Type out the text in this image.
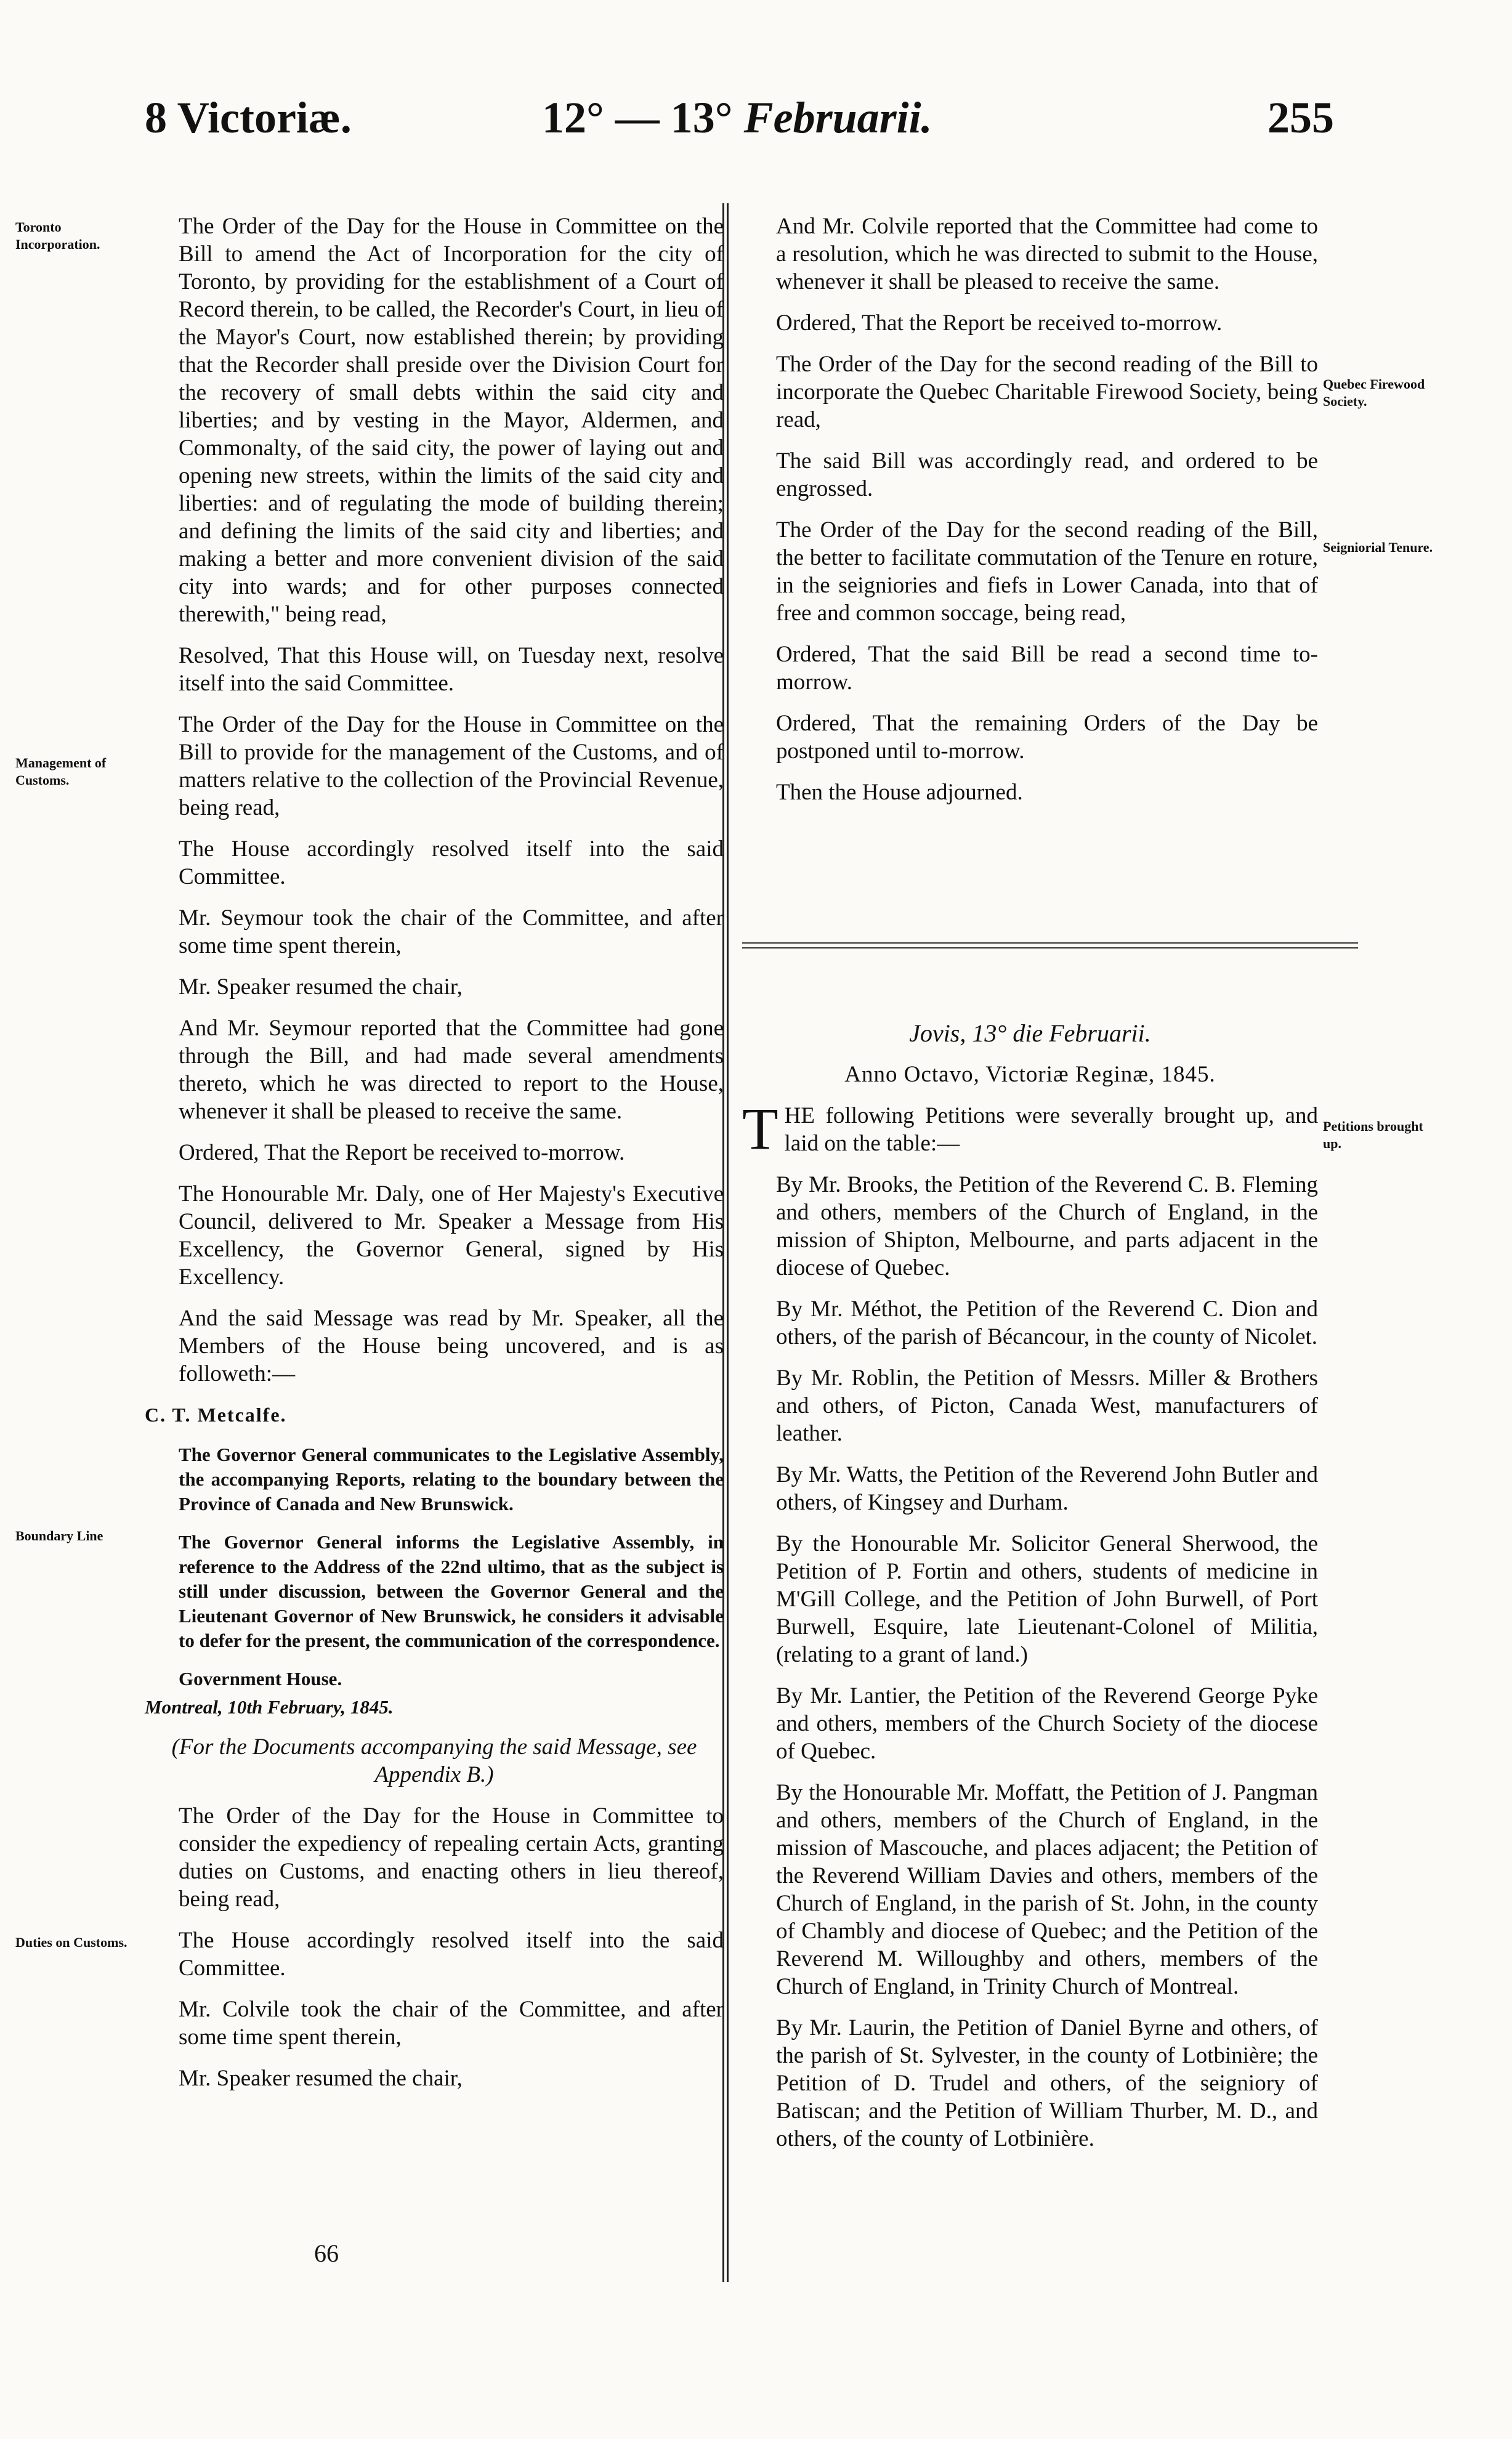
8 Victoriæ.	12° — 13° Februarii.	255
Toronto Incorporation.
Management of Customs.
Boundary Line
Duties on Customs.
Quebec Firewood Society.
Seigniorial Tenure.
Petitions brought up.

The Order of the Day for the House in Committee on the Bill to amend the Act of Incorporation for the city of Toronto, by providing for the establishment of a Court of Record therein, to be called, the Recorder's Court, in lieu of the Mayor's Court, now established therein; by providing that the Recorder shall preside over the Division Court for the recovery of small debts within the said city and liberties; and by vesting in the Mayor, Aldermen, and Commonalty, of the said city, the power of laying out and opening new streets, within the limits of the said city and liberties: and of regulating the mode of building therein; and defining the limits of the said city and liberties; and making a better and more convenient division of the said city into wards; and for other purposes connected therewith," being read,

Resolved, That this House will, on Tuesday next, resolve itself into the said Committee.

The Order of the Day for the House in Committee on the Bill to provide for the management of the Customs, and of matters relative to the collection of the Provincial Revenue, being read,

The House accordingly resolved itself into the said Committee.

Mr. Seymour took the chair of the Committee, and after some time spent therein,

Mr. Speaker resumed the chair,

And Mr. Seymour reported that the Committee had gone through the Bill, and had made several amendments thereto, which he was directed to report to the House, whenever it shall be pleased to receive the same.

Ordered, That the Report be received to-morrow.

The Honourable Mr. Daly, one of Her Majesty's Executive Council, delivered to Mr. Speaker a Message from His Excellency, the Governor General, signed by His Excellency.

And the said Message was read by Mr. Speaker, all the Members of the House being uncovered, and is as followeth:—

C. T. Metcalfe.

The Governor General communicates to the Legislative Assembly, the accompanying Reports, relating to the boundary between the Province of Canada and New Brunswick.

The Governor General informs the Legislative Assembly, in reference to the Address of the 22nd ultimo, that as the subject is still under discussion, between the Governor General and the Lieutenant Governor of New Brunswick, he considers it advisable to defer for the present, the communication of the correspondence.

Government House.

Montreal, 10th February, 1845.

(For the Documents accompanying the said Message, see Appendix B.)

The Order of the Day for the House in Committee to consider the expediency of repealing certain Acts, granting duties on Customs, and enacting others in lieu thereof, being read,

The House accordingly resolved itself into the said Committee.

Mr. Colvile took the chair of the Committee, and after some time spent therein,

Mr. Speaker resumed the chair,

And Mr. Colvile reported that the Committee had come to a resolution, which he was directed to submit to the House, whenever it shall be pleased to receive the same.

Ordered, That the Report be received to-morrow.

The Order of the Day for the second reading of the Bill to incorporate the Quebec Charitable Firewood Society, being read,

The said Bill was accordingly read, and ordered to be engrossed.

The Order of the Day for the second reading of the Bill, the better to facilitate commutation of the Tenure en roture, in the seigniories and fiefs in Lower Canada, into that of free and common soccage, being read,

Ordered, That the said Bill be read a second time to-morrow.

Ordered, That the remaining Orders of the Day be postponed until to-morrow.

Then the House adjourned.

Jovis, 13° die Februarii.

Anno Octavo, Victoriæ Reginæ, 1845.

T HE following Petitions were severally brought up, and laid on the table:—

By Mr. Brooks, the Petition of the Reverend C. B. Fleming and others, members of the Church of England, in the mission of Shipton, Melbourne, and parts adjacent in the diocese of Quebec.

By Mr. Méthot, the Petition of the Reverend C. Dion and others, of the parish of Bécancour, in the county of Nicolet.

By Mr. Roblin, the Petition of Messrs. Miller & Brothers and others, of Picton, Canada West, manufacturers of leather.

By Mr. Watts, the Petition of the Reverend John Butler and others, of Kingsey and Durham.

By the Honourable Mr. Solicitor General Sherwood, the Petition of P. Fortin and others, students of medicine in M'Gill College, and the Petition of John Burwell, of Port Burwell, Esquire, late Lieutenant-Colonel of Militia, (relating to a grant of land.)

By Mr. Lantier, the Petition of the Reverend George Pyke and others, members of the Church Society of the diocese of Quebec.

By the Honourable Mr. Moffatt, the Petition of J. Pangman and others, members of the Church of England, in the mission of Mascouche, and places adjacent; the Petition of the Reverend William Davies and others, members of the Church of England, in the parish of St. John, in the county of Chambly and diocese of Quebec; and the Petition of the Reverend M. Willoughby and others, members of the Church of England, in Trinity Church of Montreal.

By Mr. Laurin, the Petition of Daniel Byrne and others, of the parish of St. Sylvester, in the county of Lotbinière; the Petition of D. Trudel and others, of the seigniory of Batiscan; and the Petition of William Thurber, M. D., and others, of the county of Lotbinière.

66
